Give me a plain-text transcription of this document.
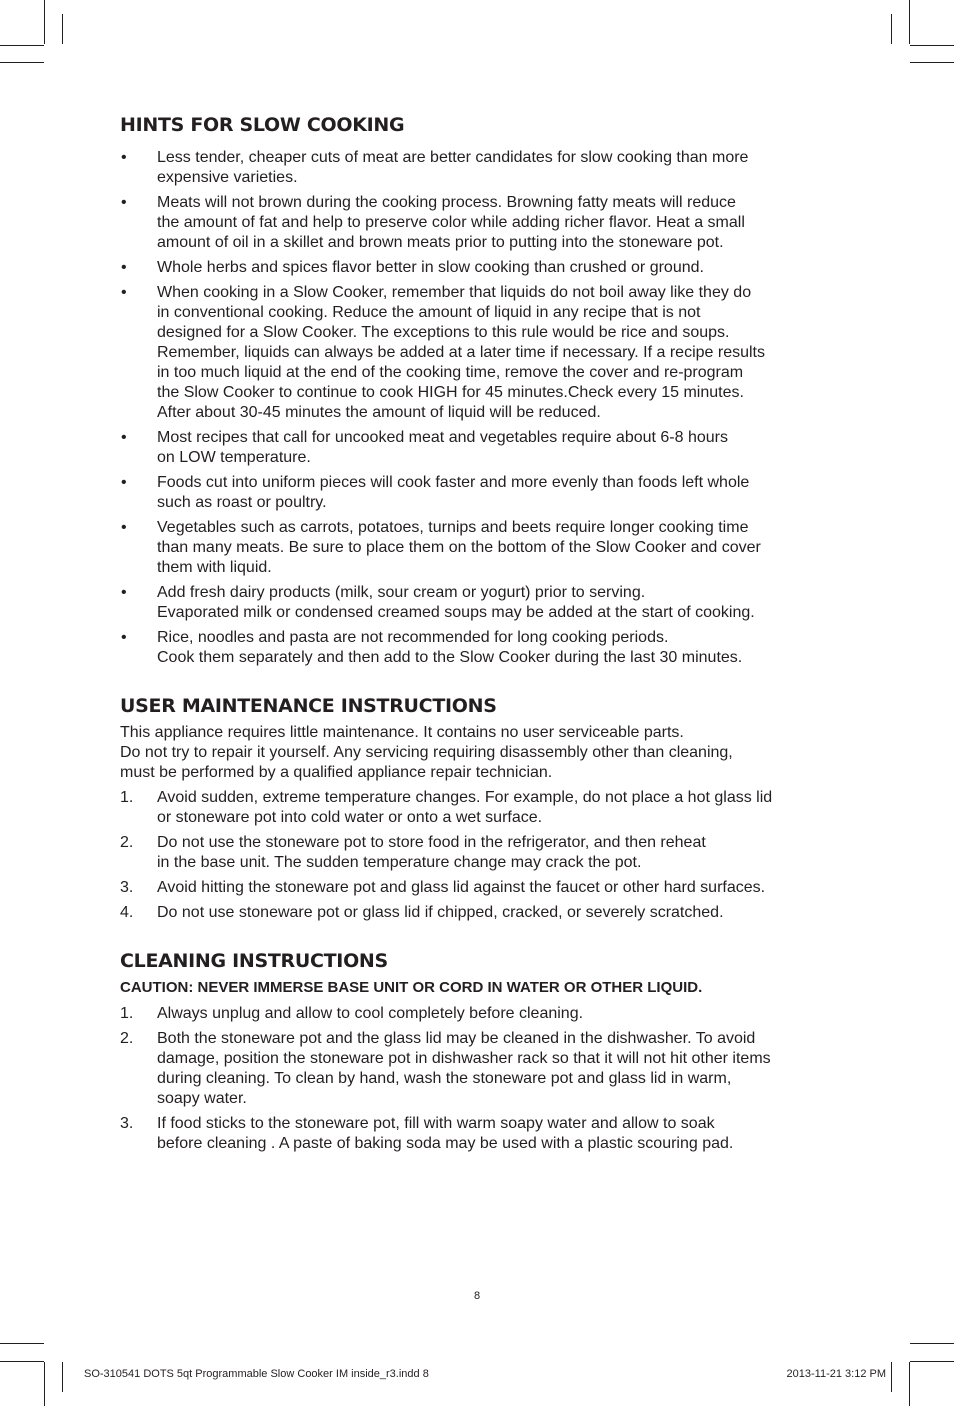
HINTS FOR SLOW COOKING
•	Less tender, cheaper cuts of meat are better candidates for slow cooking than more
expensive varieties.
•	Meats will not brown during the cooking process. Browning fatty meats will reduce
the amount of fat and help to preserve color while adding richer flavor. Heat a small
amount of oil in a skillet and brown meats prior to putting into the stoneware pot.
•	Whole herbs and spices flavor better in slow cooking than crushed or ground.
•	When cooking in a Slow Cooker, remember that liquids do not boil away like they do
in conventional cooking. Reduce the amount of liquid in any recipe that is not
designed for a Slow Cooker. The exceptions to this rule would be rice and soups.
Remember, liquids can always be added at a later time if necessary. If a recipe results
in too much liquid at the end of the cooking time, remove the cover and re-program
the Slow Cooker to continue to cook HIGH for 45 minutes.Check every 15 minutes.
After about 30-45 minutes the amount of liquid will be reduced.
•	Most recipes that call for uncooked meat and vegetables require about 6-8 hours
on LOW temperature.
•	Foods cut into uniform pieces will cook faster and more evenly than foods left whole
such as roast or poultry.
•	Vegetables such as carrots, potatoes, turnips and beets require longer cooking time
than many meats. Be sure to place them on the bottom of the Slow Cooker and cover
them with liquid.
•	Add fresh dairy products (milk, sour cream or yogurt) prior to serving.
Evaporated milk or condensed creamed soups may be added at the start of cooking.
•	Rice, noodles and pasta are not recommended for long cooking periods.
Cook them separately and then add to the Slow Cooker during the last 30 minutes.
USER MAINTENANCE INSTRUCTIONS
This appliance requires little maintenance. It contains no user serviceable parts.
Do not try to repair it yourself. Any servicing requiring disassembly other than cleaning,
must be performed by a qualified appliance repair technician.
1.	Avoid sudden, extreme temperature changes. For example, do not place a hot glass lid
or stoneware pot into cold water or onto a wet surface.
2.	Do not use the stoneware pot to store food in the refrigerator, and then reheat
in the base unit. The sudden temperature change may crack the pot.
3.	Avoid hitting the stoneware pot and glass lid against the faucet or other hard surfaces.
4.	Do not use stoneware pot or glass lid if chipped, cracked, or severely scratched.
CLEANING INSTRUCTIONS
CAUTION: NEVER IMMERSE BASE UNIT OR CORD IN WATER OR OTHER LIQUID.
1.	Always unplug and allow to cool completely before cleaning.
2.	Both the stoneware pot and the glass lid may be cleaned in the dishwasher. To avoid
damage, position the stoneware pot in dishwasher rack so that it will not hit other items
during cleaning. To clean by hand, wash the stoneware pot and glass lid in warm,
soapy water.
3.	If food sticks to the stoneware pot, fill with warm soapy water and allow to soak
before cleaning . A paste of baking soda may be used with a plastic scouring pad.
8
SO-310541 DOTS 5qt Programmable Slow Cooker IM inside_r3.indd 8	2013-11-21 3:12 PM
